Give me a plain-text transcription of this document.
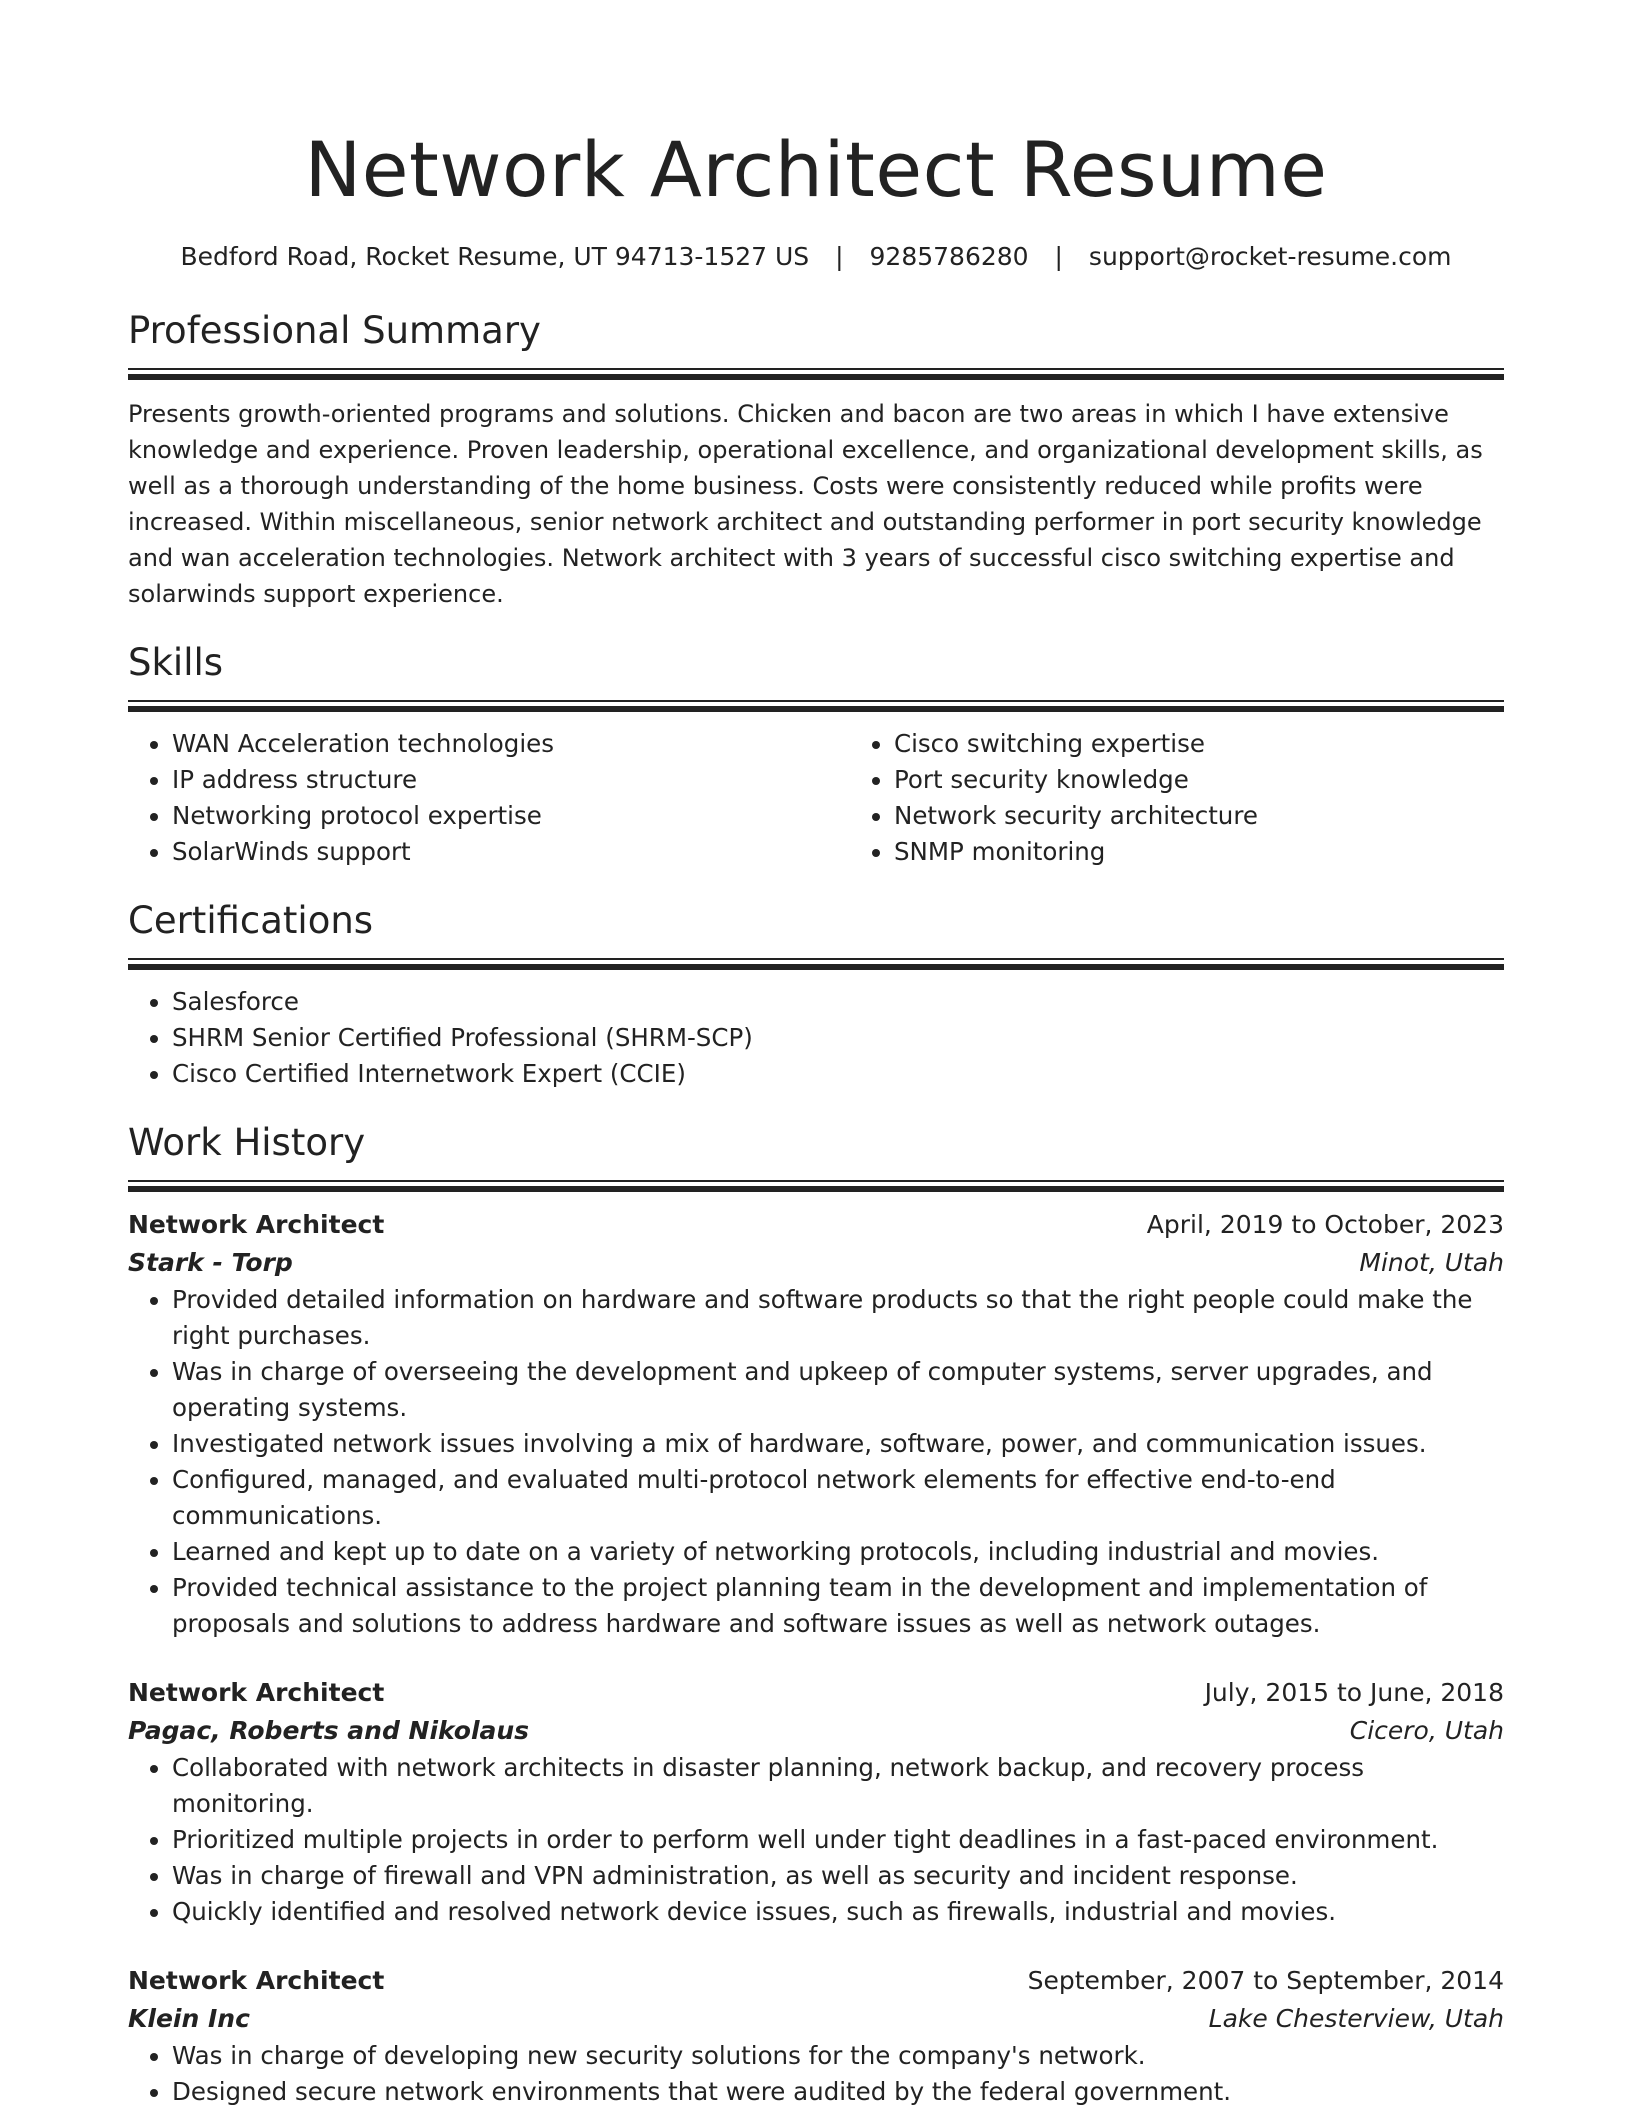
Network Architect Resume
Bedford Road, Rocket Resume, UT 94713-1527 US | 9285786280 | support@rocket-resume.com
Professional Summary

Presents growth-oriented programs and solutions. Chicken and bacon are two areas in which I have extensive knowledge and experience. Proven leadership, operational excellence, and organizational development skills, as well as a thorough understanding of the home business. Costs were consistently reduced while profits were increased. Within miscellaneous, senior network architect and outstanding performer in port security knowledge and wan acceleration technologies. Network architect with 3 years of successful cisco switching expertise and solarwinds support experience.

Skills
• WAN Acceleration technologies
• IP address structure
• Networking protocol expertise
• SolarWinds support
• Cisco switching expertise
• Port security knowledge
• Network security architecture
• SNMP monitoring
Certifications
• Salesforce
• SHRM Senior Certified Professional (SHRM-SCP)
• Cisco Certified Internetwork Expert (CCIE)
Work History
Network Architect	April, 2019 to October, 2023
Stark - Torp	Minot, Utah
• Provided detailed information on hardware and software products so that the right people could make the right purchases.
• Was in charge of overseeing the development and upkeep of computer systems, server upgrades, and operating systems.
• Investigated network issues involving a mix of hardware, software, power, and communication issues.
• Configured, managed, and evaluated multi-protocol network elements for effective end-to-end communications.
• Learned and kept up to date on a variety of networking protocols, including industrial and movies.
• Provided technical assistance to the project planning team in the development and implementation of proposals and solutions to address hardware and software issues as well as network outages.
Network Architect	July, 2015 to June, 2018
Pagac, Roberts and Nikolaus	Cicero, Utah
• Collaborated with network architects in disaster planning, network backup, and recovery process monitoring.
• Prioritized multiple projects in order to perform well under tight deadlines in a fast-paced environment.
• Was in charge of firewall and VPN administration, as well as security and incident response.
• Quickly identified and resolved network device issues, such as firewalls, industrial and movies.
Network Architect	September, 2007 to September, 2014
Klein Inc	Lake Chesterview, Utah
• Was in charge of developing new security solutions for the company's network.
• Designed secure network environments that were audited by the federal government.
